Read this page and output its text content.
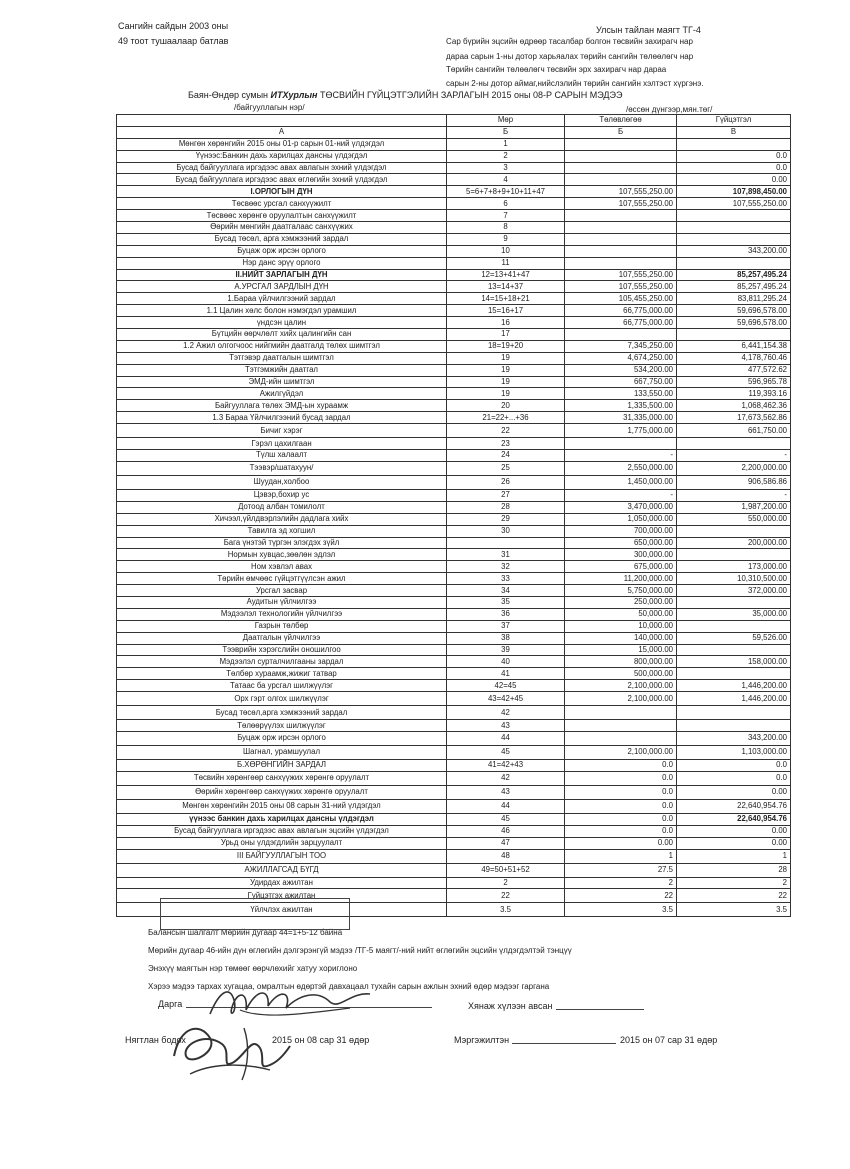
Сангийн сайдын 2003 оны
49 тоот тушаалаар батлав
Улсын тайлан маягт ТГ-4
Сар бүрийн эцсийн өдрөөр тасалбар болгон төсвийн захирагч нар
дараа сарын 1-ны дотор харьяалах төрийн сангийн төлөөлөгч нар
Төрийн сангийн төлөөлөгч төсвийн эрх захирагч нар дараа
сарын 2-ны дотор аймаг,нийслэлийн төрийн сангийн хэлтэст хүргэнэ.
Баян-Өндөр сумын ИТХурлын ТӨСВИЙН ГҮЙЦЭТГЭЛИЙН ЗАРЛАГЫН 2015 оны 08-Р САРЫН МЭДЭЭ
/байгууллагын нэр/	/өссөн дүнгээр,мян.төг/
	Мөр	Төлөвлөгөө	Гүйцэтгэл
А	Б	Б	В
Мөнгөн хөрөнгийн 2015 оны 01-р сарын 01-ний үлдэгдэл	1		
Үүнээс:Банкин дахь харилцах дансны үлдэгдэл	2		0.0
Бусад байгууллага иргэдээс авах авлагын эхний үлдэгдэл	3		0.0
Бусад байгууллага иргэдээс авах өглөгийн эхний үлдэгдэл	4		0.00
І.ОРЛОГЫН ДҮН	5=6+7+8+9+10+11+47	107,555,250.00	107,898,450.00
Төсвөөс урсгал санхүүжилт	6	107,555,250.00	107,555,250.00
Төсвөөс хөрөнгө оруулалтын санхүүжилт	7		
Өөрийн мөнгийн даатгалаас санхүүжих	8		
Бусад төсөл, арга хэмжээний зардал	9		
Буцаж орж ирсэн орлого	10		343,200.00
Нэр данс эрүү орлого	11		
ІІ.НИЙТ ЗАРЛАГЫН ДҮН	12=13+41+47	107,555,250.00	85,257,495.24
А.УРСГАЛ ЗАРДЛЫН ДҮН	13=14+37	107,555,250.00	85,257,495.24
1.Бараа үйлчилгээний зардал	14=15+18+21	105,455,250.00	83,811,295.24
1.1 Цалин хөлс болон нэмэгдэл урамшил	15=16+17	66,775,000.00	59,696,578.00
үндсэн цалин	16	66,775,000.00	59,696,578.00
Бүтцийн өөрчлөлт хийх цалингийн сан	17		
1.2 Ажил олгогчоос нийгмийн даатгалд төлөх шимтгэл	18=19+20	7,345,250.00	6,441,154.38
Тэтгэвэр даатгалын шимтгэл	19	4,674,250.00	4,178,760.46
Тэтгэмжийн даатгал	19	534,200.00	477,572.62
ЭМД-ийн шимтгэл	19	667,750.00	596,965.78
Ажилгүйдэл	19	133,550.00	119,393.16
Байгууллага төлөх ЭМД-ын хураамж	20	1,335,500.00	1,068,462.36
1.3 Бараа Үйлчилгээний бусад зардал	21=22+...+36	31,335,000.00	17,673,562.86
Бичиг хэрэг	22	1,775,000.00	661,750.00
Гэрэл цахилгаан	23		
Түлш халаалт	24	-	-
Тээвэр/шатахуун/	25	2,550,000.00	2,200,000.00
Шуудан,холбоо	26	1,450,000.00	906,586.86
Цэвэр,бохир ус	27	-	-
Дотоод албан томилолт	28	3,470,000.00	1,987,200.00
Хичээл,үйлдвэрлэлийн дадлага хийх	29	1,050,000.00	550,000.00
Тавилга эд хогшил	30	700,000.00	
Бага үнэтэй түргэн элэгдэх зүйл		650,000.00	200,000.00
Нормын хувцас,зөөлөн эдлэл	31	300,000.00	
Ном хэвлэл авах	32	675,000.00	173,000.00
Төрийн өмчөөс гүйцэтгүүлсэн ажил	33	11,200,000.00	10,310,500.00
Урсгал засвар	34	5,750,000.00	372,000.00
Аудитын үйлчилгээ	35	250,000.00	
Мэдээлэл технологийн үйлчилгээ	36	50,000.00	35,000.00
Газрын төлбөр	37	10,000.00	
Даатгалын үйлчилгээ	38	140,000.00	59,526.00
Тээврийн хэрэгслийн оношилгоо	39	15,000.00	
Мэдээлэл сурталчилгааны зардал	40	800,000.00	158,000.00
Төлбөр хураамж,жижиг татвар	41	500,000.00	
Татаас ба урсгал шилжүүлэг	42=45	2,100,000.00	1,446,200.00
Орх гэрт олгох шилжүүлэг	43=42+45	2,100,000.00	1,446,200.00
Бусад төсөл,арга хэмжээний зардал	42		
Төлөөрүүлэх шилжүүлэг	43		
Буцаж орж ирсэн орлого	44		343,200.00
Шагнал, урамшуулал	45	2,100,000.00	1,103,000.00
Б.ХӨРӨНГИЙН ЗАРДАЛ	41=42+43	0.0	0.0
Төсвийн хөрөнгөөр санхүүжих хөрөнгө оруулалт	42	0.0	0.0
Өөрийн хөрөнгөөр санхүүжих хөрөнгө оруулалт	43	0.0	0.00
Мөнгөн хөрөнгийн 2015 оны 08 сарын 31-ний үлдэгдэл	44	0.0	22,640,954.76
үүнээс банкин дахь харилцах дансны үлдэгдэл	45	0.0	22,640,954.76
Бусад байгууллага иргэдээс авах авлагын эцсийн үлдэгдэл	46	0.0	0.00
Урьд оны үлдэгдлийн зарцуулалт	47	0.00	0.00
ІІІ БАЙГУУЛЛАГЫН ТОО	48	1	1
АЖИЛЛАГСАД БҮГД	49=50+51+52	27.5	28
Удирдах ажилтан	2	2	2
Гүйцэтгэх ажилтан	22	22	22
Үйлчлэх ажилтан	3.5	3.5	3.5
Балансын шалгалт Мөрийн дугаар 44=1+5-12 байна
Мөрийн дугаар 46-ийн дүн өглөгийн дэлгэрэнгүй мэдээ /ТГ-5 маягт/-ний нийт өглөгийн эцсийн үлдэгдэлтэй тэнцүү
Энэхүү маягтын нэр төмөөг өөрчлөхийг хатуу хориглоно
Хэрээ мэдээ тархах хугацаа, омралтын өдөртэй давхацаал тухайн сарын ажлын эхний өдөр мэдээг гаргана
Дарга	Хянаж хүлээн авсан
Нягтлан бодох	2015 он 08 сар 31 өдөр	Мэргэжилтэн	2015 он 07 сар 31 өдөр
